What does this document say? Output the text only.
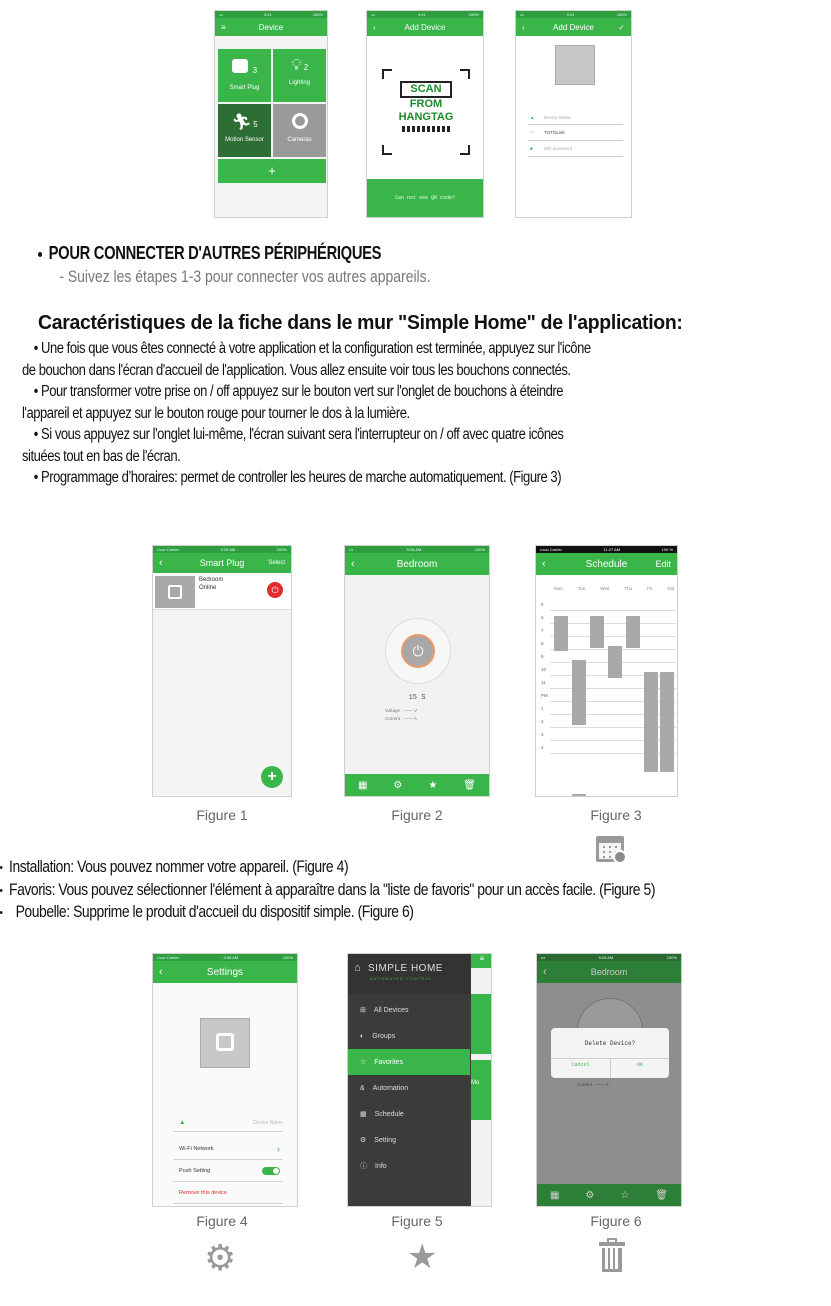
•••	9:41	100%
≡	Device
3
Smart Plug
💡︎ 2
Lighting
🏃︎ 5
Motion Sensor	Cameras
+
•••	9:41	100%
‹	Add Device
SCAN
FROM
HANGTAG
Can not see QR code?
•••	9:41	100%
‹	Add Device	✓
▲ Device Name
◠ TOTOLink
■	Wifi password
POUR CONNECTER D'AUTRES PÉRIPHÉRIQUES
- Suivez les étapes 1-3 pour connecter vos autres appareils.
Caractéristiques de la fiche dans le mur "Simple Home" de l'application:
• Une fois que vous êtes connecté à votre application et la configuration est terminée, appuyez sur l'icône
de bouchon dans l'écran d'accueil de l'application. Vous allez ensuite voir tous les bouchons connectés.
• Pour transformer votre prise on / off appuyez sur le bouton vert sur l'onglet de bouchons à éteindre
l'appareil et appuyez sur le bouton rouge pour tourner le dos à la lumière.
• Si vous appuyez sur l'onglet lui-même, l'écran suivant sera l'interrupteur on / off avec quatre icônes
situées tout en bas de l'écran.
• Programmage d’horaires: permet de controller les heures de marche automatiquement. (Figure 3)
•••oo Carrier	9:26 AM	100%
‹	Smart Plug	Select
Bedroom
Online	⏻
+
Figure 1
•••	9:26 AM	100%
‹	Bedroom
⏻
15 S
Voltage : —— V
Current : —— A
▦	⚙	★	🗑︎
Figure 2
•••oo Carrier	11:27 AM	100 %
‹	Schedule	Edit
Mon	Tue	Wed	Thu	Fri	Sat
5
6
7
8
9
10
11
PM
1
2
3
4
Figure 3
Installation: Vous pouvez nommer votre appareil. (Figure 4)
Favoris: Vous pouvez sélectionner l'élément à apparaître dans la "liste de favoris" pour un accès facile. (Figure 5)
Poubelle: Supprime le produit d'accueil du dispositif simple. (Figure 6)
•••oo Carrier	9:58 AM	100%
‹	Settings
▲	Device Name
Wi-Fi Network	›
Push Setting
Remove this device
Figure 4
⚙
⌂ SIMPLE HOME
AUTOMATED CONTROL
⊞ All Devices
◐ Groups
☆ Favorites
& Automation
▦ Schedule
⚙ Setting
ⓘ Info
≡
Mo
Figure 5
★
•••	9:26 AM	100%
‹	Bedroom
Delete Device?
Cancel	OK
Current : —— A
▦	⚙	☆	🗑︎
Figure 6
